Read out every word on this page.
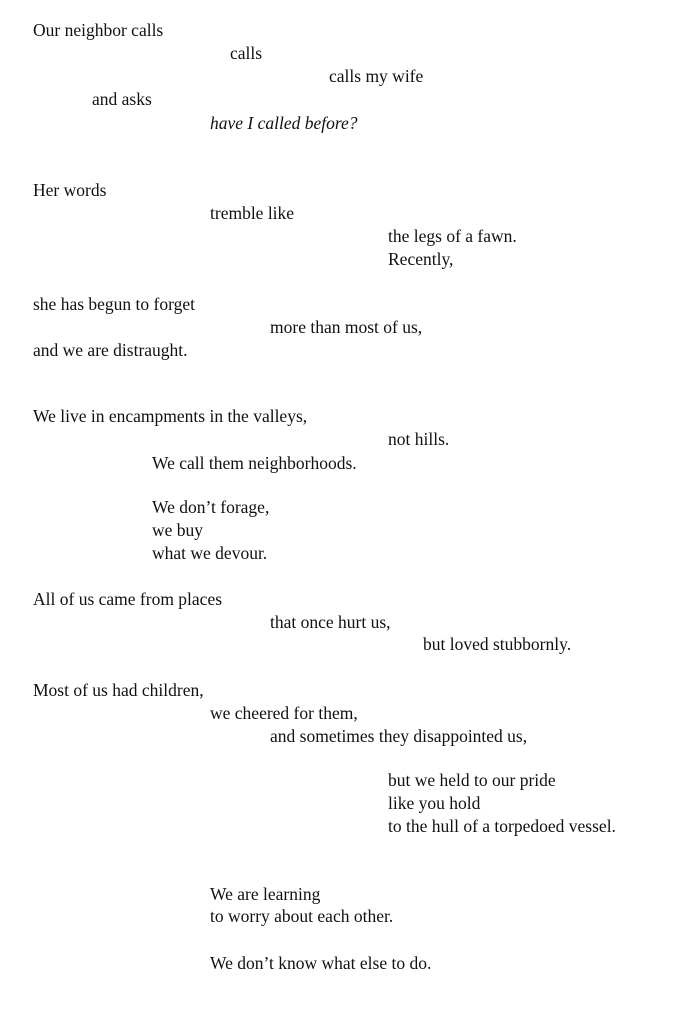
Our neighbor calls
calls
calls my wife
and asks
have I called before?
Her words
tremble like
the legs of a fawn.
Recently,
she has begun to forget
more than most of us,
and we are distraught.
We live in encampments in the valleys,
not hills.
We call them neighborhoods.
We don’t forage,
we buy
what we devour.
All of us came from places
that once hurt us,
but loved stubbornly.
Most of us had children,
we cheered for them,
and sometimes they disappointed us,
but we held to our pride
like you hold
to the hull of a torpedoed vessel.
We are learning
to worry about each other.
We don’t know what else to do.
